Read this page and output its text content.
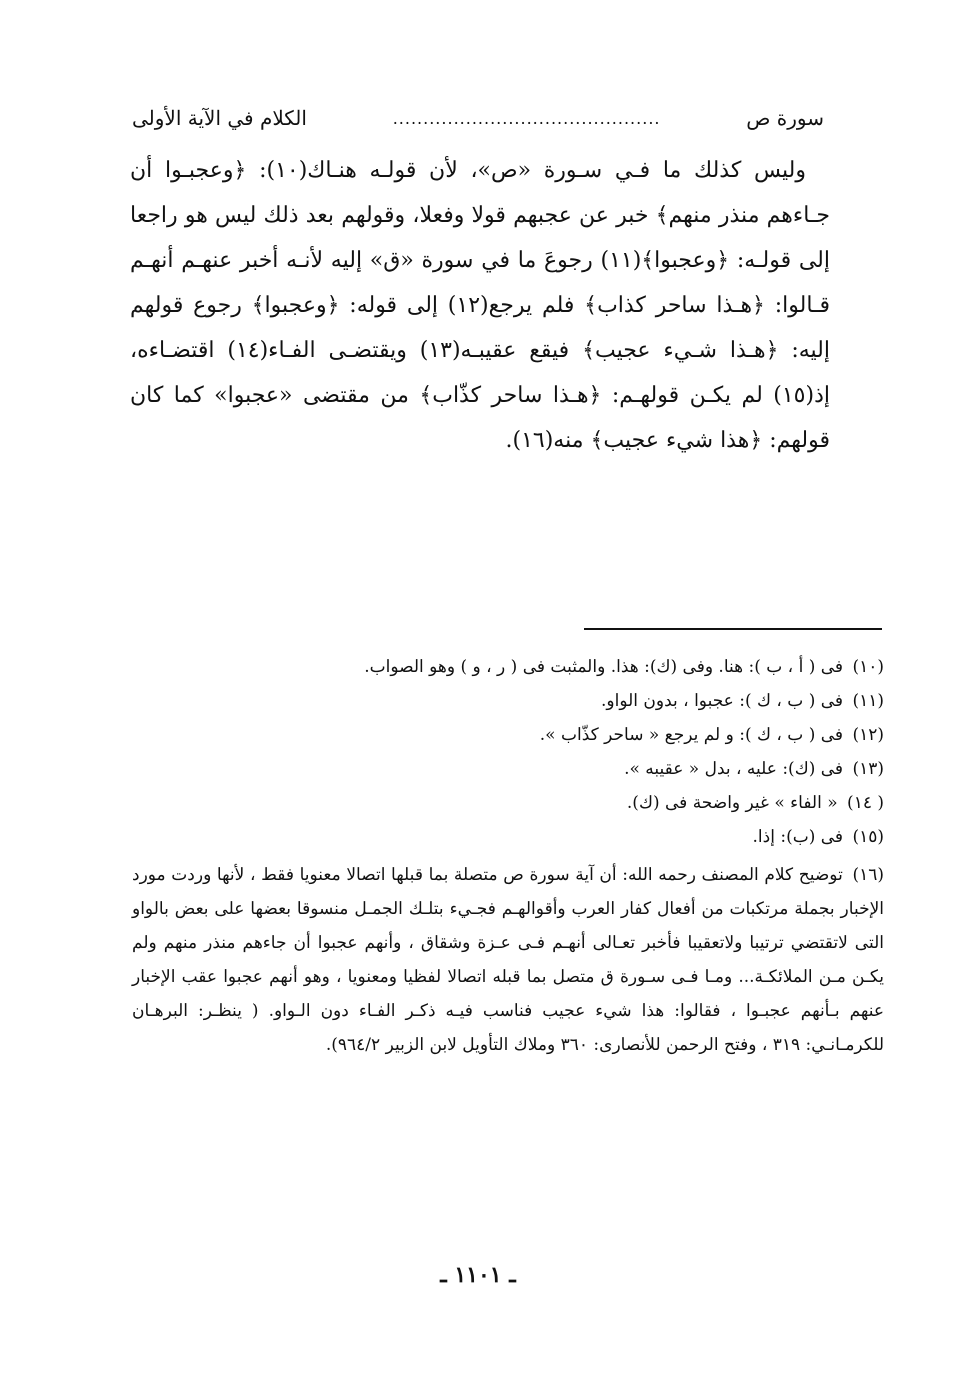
سورة ص
............................................
الكلام في الآية الأولى

وليس كذلك ما فـي سـورة «ص»، لأن قولـه هنـاك(١٠): ﴿وعجبـوا أن جـاءهم منذر منهم﴾ خبر عن عجبهم قولا وفعلا، وقولهم بعد ذلك ليس هو راجعا إلى قولـه: ﴿وعجبوا﴾(١١) رجوعَ ما في سورة «ق» إليه لأنـه أخبر عنهـم أنهـم قـالوا: ﴿هـذا ساحر كذاب﴾ فلم يرجع(١٢) إلى قوله: ﴿وعجبوا﴾ رجوع قولهم إليه: ﴿هـذا شـيء عجيب﴾ فيقع عقيبـه(١٣) ويقتضـى الفـاء(١٤) اقتضـاءه، إذ(١٥) لم يكـن قولهـم: ﴿هـذا ساحر كذّاب﴾ من مقتضى «عجبوا» كما كان قولهم: ﴿هذا شيء عجيب﴾ منه(١٦).

(١٠) فى ( أ ، ب ): هنا. وفى (ك): هذا. والمثبت فى ( ر ، و ) وهو الصواب.
(١١) فى ( ب ، ك ): عجبوا ، بدون الواو.
(١٢) فى ( ب ، ك ): و لم يرجع « ساحر كذّاب ».
(١٣) فى (ك): عليه ، بدل « عقيبه ».
( ١٤) « الفاء » غير واضحة فى (ك).
(١٥) فى (ب): إذا.
(١٦) توضيح كلام المصنف رحمه الله: أن آية سورة ص متصلة بما قبلها اتصالا معنويا فقط ، لأنها وردت مورد الإخبار بجملة مرتكبات من أفعال كفار العرب وأقوالهـم فجـيء بتلـك الجمـل منسوقا بعضها على بعض بالواو التى لاتقتضي ترتيبا ولاتعقيبا فأخبر تعـالى أنهـم فـى عـزة وشقاق ، وأنهم عجبوا أن جاءهم منذر منهم ولم يكـن مـن الملائكـة... ومـا فـى سـورة ق متصل بما قبله اتصالا لفظيا ومعنويا ، وهو أنهم عجبوا عقب الإخبار عنهم بـأنهم عجبـوا ، فقالوا: هذا شيء عجيب فناسب فيـه ذكـر الفـاء دون الـواو. ( ينظـر: البرهـان للكرمـانـي: ٣١٩ ، وفتح الرحمن للأنصارى: ٣٦٠ وملاك التأويل لابن الزبير ٩٦٤/٢).
ـ ١١٠١ ـ
